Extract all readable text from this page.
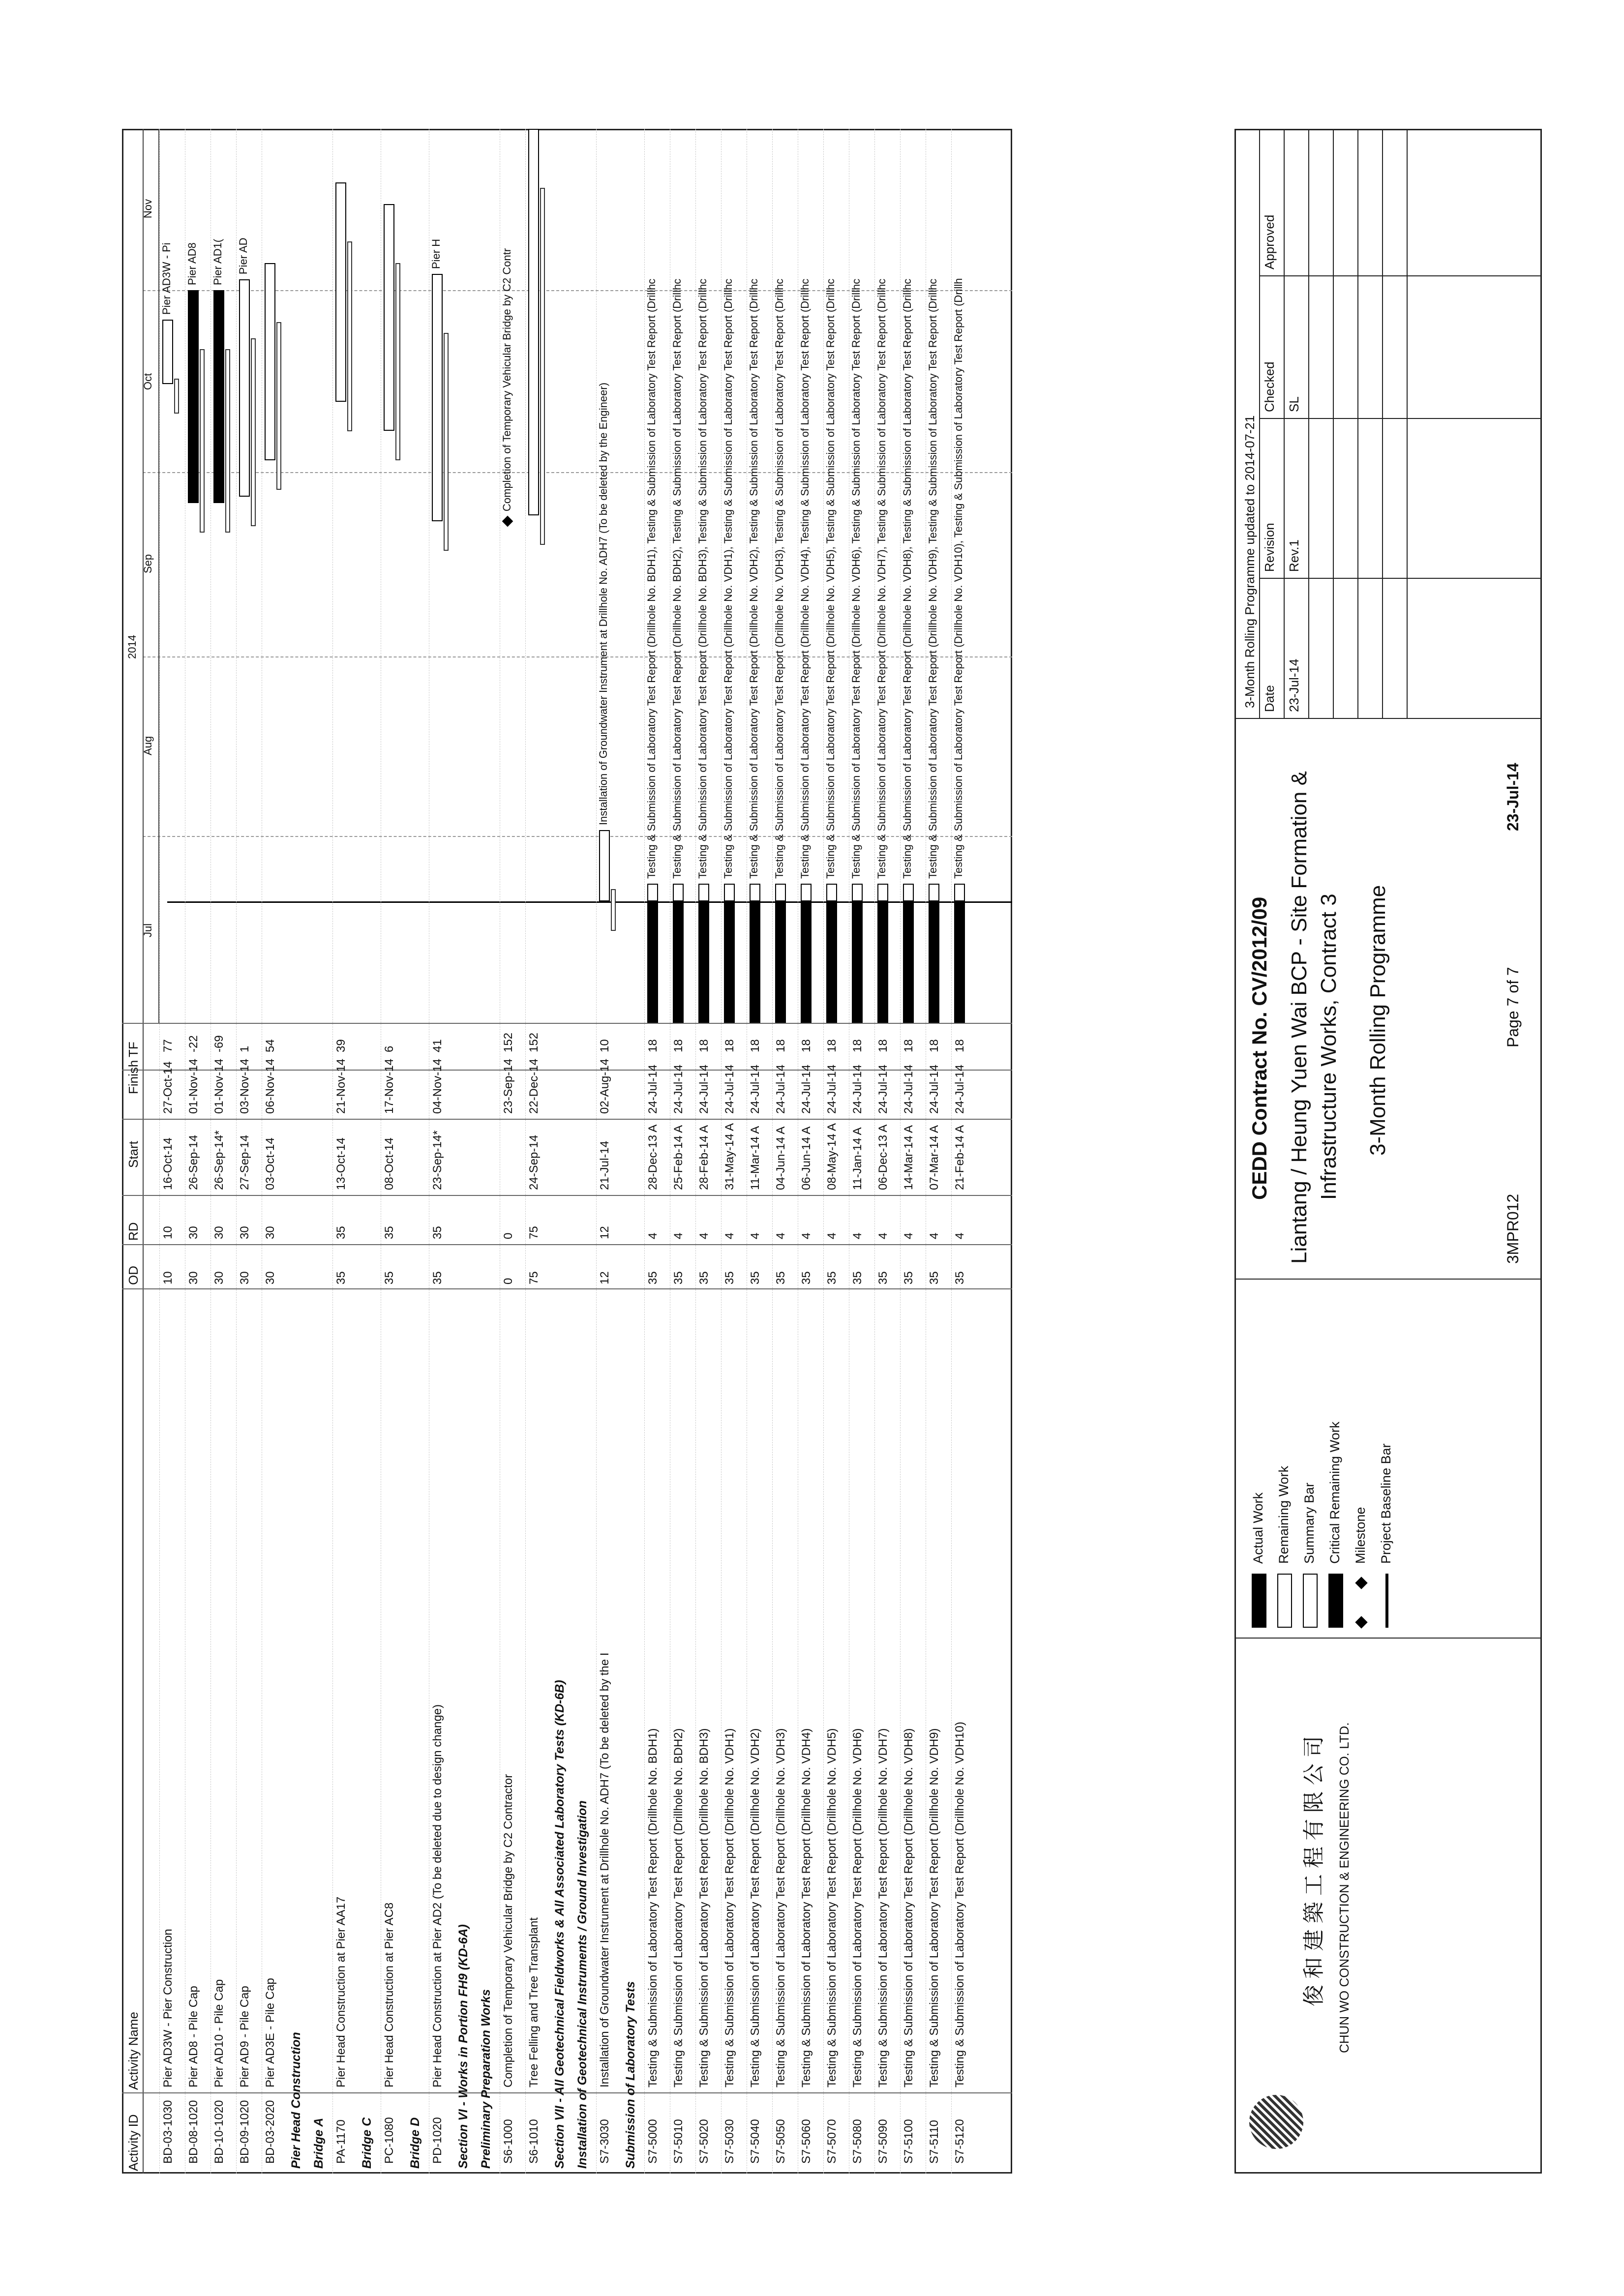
Activity ID
Activity Name
OD
RD
Start
Finish
TF
2014
Jul
Aug
Sep
Oct
Nov
BD-03-1030
Pier AD3W - Pier Construction
10
10
16-Oct-14
27-Oct-14
77
Pier AD3W - Pi
BD-08-1020
Pier AD8 - Pile Cap
30
30
26-Sep-14
01-Nov-14
-22
Pier AD8
BD-10-1020
Pier AD10 - Pile Cap
30
30
26-Sep-14*
01-Nov-14
-69
Pier AD1(
BD-09-1020
Pier AD9 - Pile Cap
30
30
27-Sep-14
03-Nov-14
1
Pier AD
BD-03-2020
Pier AD3E - Pile Cap
30
30
03-Oct-14
06-Nov-14
54
Pier Head Construction Bridge A PA-1170
Pier Head Construction at Pier AA17
35
35
13-Oct-14
21-Nov-14
39
Bridge C PC-1080
Pier Head Construction at Pier AC8
35
35
08-Oct-14
17-Nov-14
6
Bridge D PD-1020
Pier Head Construction at Pier AD2 (To be deleted due to design change)
35
35
23-Sep-14*
04-Nov-14
41
Pier H
Section VI - Works in Portion FH9 (KD-6A) Preliminary Preparation Works S6-1000
Completion of Temporary Vehicular Bridge by C2 Contractor
0
0
23-Sep-14
152
Completion of Temporary Vehicular Bridge by C2 Contr
S6-1010
Tree Felling and Tree Transplant
75
75
24-Sep-14
22-Dec-14
152
Section VII - All Geotechnical Fieldworks & All Associated Laboratory Tests (KD-6B) Installation of Geotechnical Instruments / Ground Investigation S7-3030
Installation of Groundwater Instrument at Drillhole No. ADH7 (To be deleted by the I
12
12
21-Jul-14
02-Aug-14
10
Installation of Groundwater Instrument at Drillhole No. ADH7 (To be deleted by the Engineer)
Submission of Laboratory Tests S7-5000
Testing & Submission of Laboratory Test Report (Drillhole No. BDH1)
35
4
28-Dec-13 A
24-Jul-14
18
Testing & Submission of Laboratory Test Report (Drillhole No. BDH1), Testing & Submission of Laboratory Test Report (Drillhc
S7-5010
Testing & Submission of Laboratory Test Report (Drillhole No. BDH2)
35
4
25-Feb-14 A
24-Jul-14
18
Testing & Submission of Laboratory Test Report (Drillhole No. BDH2), Testing & Submission of Laboratory Test Report (Drillhc
S7-5020
Testing & Submission of Laboratory Test Report (Drillhole No. BDH3)
35
4
28-Feb-14 A
24-Jul-14
18
Testing & Submission of Laboratory Test Report (Drillhole No. BDH3), Testing & Submission of Laboratory Test Report (Drillhc
S7-5030
Testing & Submission of Laboratory Test Report (Drillhole No. VDH1)
35
4
31-May-14 A
24-Jul-14
18
Testing & Submission of Laboratory Test Report (Drillhole No. VDH1), Testing & Submission of Laboratory Test Report (Drillhc
S7-5040
Testing & Submission of Laboratory Test Report (Drillhole No. VDH2)
35
4
11-Mar-14 A
24-Jul-14
18
Testing & Submission of Laboratory Test Report (Drillhole No. VDH2), Testing & Submission of Laboratory Test Report (Drillhc
S7-5050
Testing & Submission of Laboratory Test Report (Drillhole No. VDH3)
35
4
04-Jun-14 A
24-Jul-14
18
Testing & Submission of Laboratory Test Report (Drillhole No. VDH3), Testing & Submission of Laboratory Test Report (Drillhc
S7-5060
Testing & Submission of Laboratory Test Report (Drillhole No. VDH4)
35
4
06-Jun-14 A
24-Jul-14
18
Testing & Submission of Laboratory Test Report (Drillhole No. VDH4), Testing & Submission of Laboratory Test Report (Drillhc
S7-5070
Testing & Submission of Laboratory Test Report (Drillhole No. VDH5)
35
4
08-May-14 A
24-Jul-14
18
Testing & Submission of Laboratory Test Report (Drillhole No. VDH5), Testing & Submission of Laboratory Test Report (Drillhc
S7-5080
Testing & Submission of Laboratory Test Report (Drillhole No. VDH6)
35
4
11-Jan-14 A
24-Jul-14
18
Testing & Submission of Laboratory Test Report (Drillhole No. VDH6), Testing & Submission of Laboratory Test Report (Drillhc
S7-5090
Testing & Submission of Laboratory Test Report (Drillhole No. VDH7)
35
4
06-Dec-13 A
24-Jul-14
18
Testing & Submission of Laboratory Test Report (Drillhole No. VDH7), Testing & Submission of Laboratory Test Report (Drillhc
S7-5100
Testing & Submission of Laboratory Test Report (Drillhole No. VDH8)
35
4
14-Mar-14 A
24-Jul-14
18
Testing & Submission of Laboratory Test Report (Drillhole No. VDH8), Testing & Submission of Laboratory Test Report (Drillhc
S7-5110
Testing & Submission of Laboratory Test Report (Drillhole No. VDH9)
35
4
07-Mar-14 A
24-Jul-14
18
Testing & Submission of Laboratory Test Report (Drillhole No. VDH9), Testing & Submission of Laboratory Test Report (Drillhc
S7-5120
Testing & Submission of Laboratory Test Report (Drillhole No. VDH10)
35
4
21-Feb-14 A
24-Jul-14
18
Testing & Submission of Laboratory Test Report (Drillhole No. VDH10), Testing & Submission of Laboratory Test Report (Drillh
俊 和 建 築 工 程 有 限 公 司 CHUN WO CONSTRUCTION & ENGINEERING CO. LTD.
Actual Work Remaining Work Summary Bar Critical Remaining Work Milestone Project Baseline Bar
CEDD Contract No. CV/2012/09 Liantang / Heung Yuen Wai BCP - Site Formation & Infrastructure Works, Contract 3 3-Month Rolling Programme
3MPR012
Page 7 of 7
23-Jul-14
3-Month Rolling Programme updated to 2014-07-21 Date
Revision
Checked
Approved
23-Jul-14
Rev.1
SL
